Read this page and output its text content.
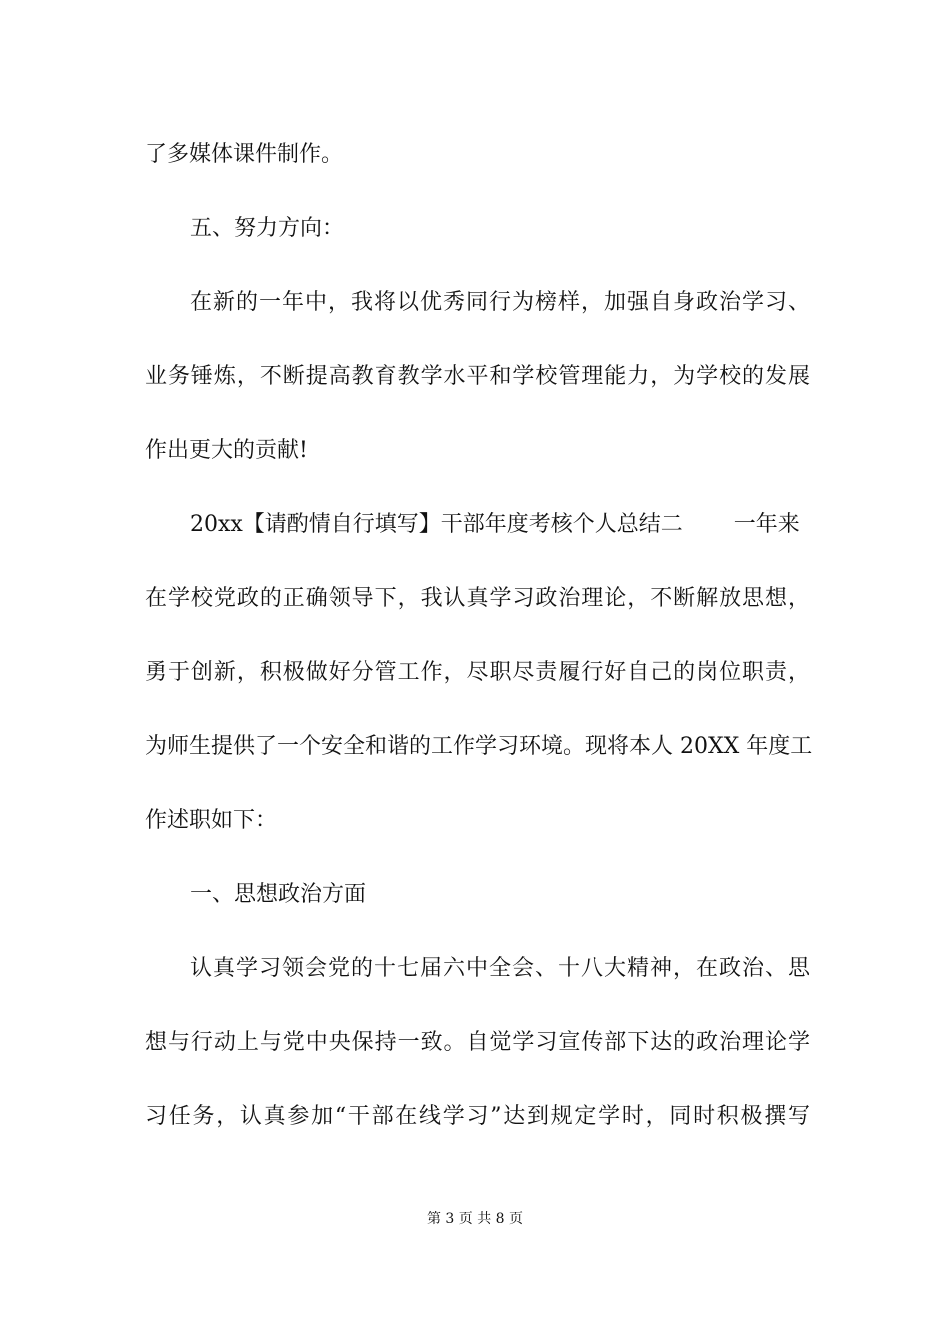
了多媒体课件制作。
五、努力方向：
在新的一年中，我将以优秀同行为榜样，加强自身政治学习、
业务锤炼，不断提高教育教学水平和学校管理能力，为学校的发展
作出更大的贡献!
20xx【请酌情自行填写】干部年度考核个人总结二 　　一年来
在学校党政的正确领导下，我认真学习政治理论，不断解放思想，
勇于创新，积极做好分管工作，尽职尽责履行好自己的岗位职责，
为师生提供了一个安全和谐的工作学习环境。现将本人 20XX 年度工
作述职如下：
一、思想政治方面
认真学习领会党的十七届六中全会、十八大精神，在政治、思
想与行动上与党中央保持一致。自觉学习宣传部下达的政治理论学
习任务，认真参加“干部在线学习”达到规定学时，同时积极撰写
第 3 页 共 8 页
